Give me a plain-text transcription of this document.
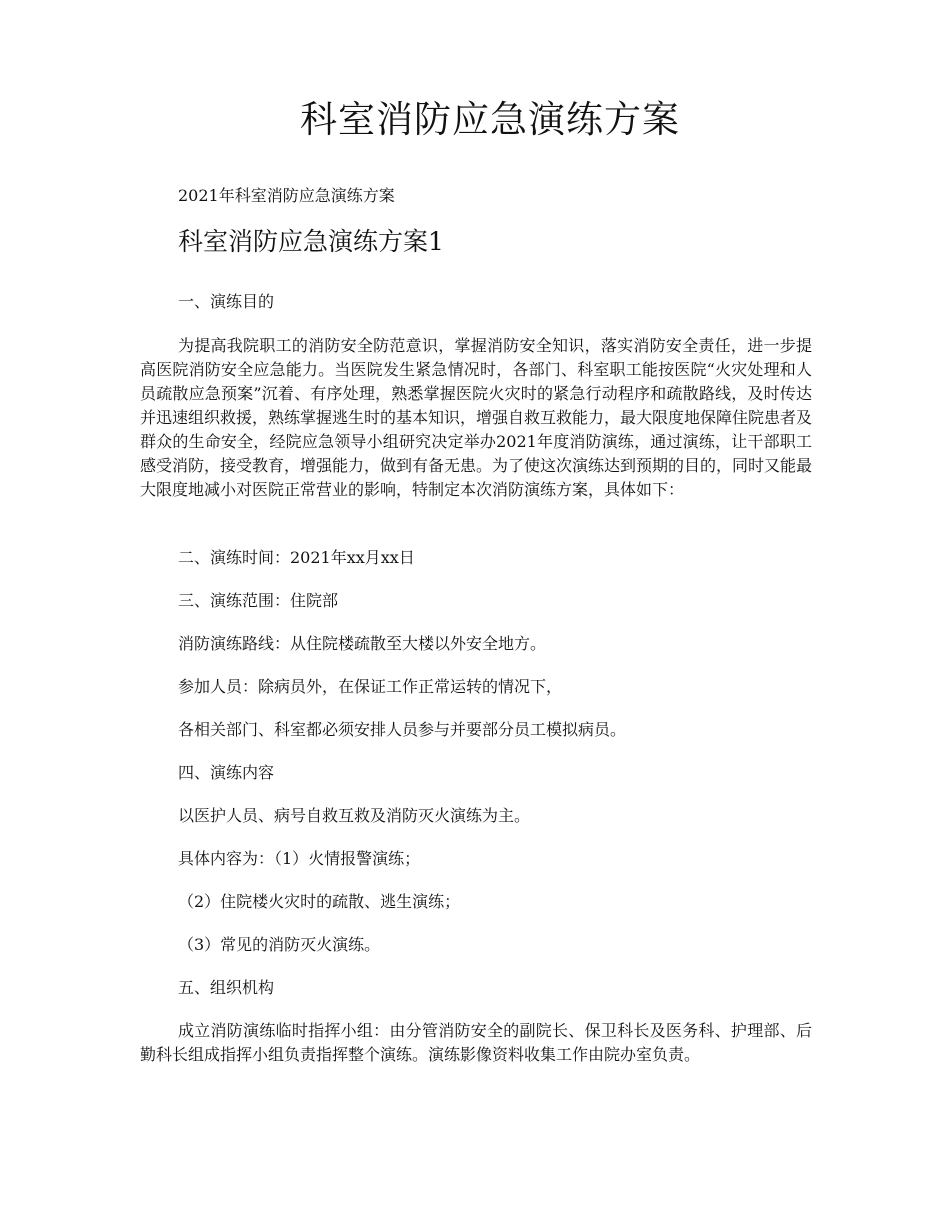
科室消防应急演练方案

2021年科室消防应急演练方案

科室消防应急演练方案1

一、演练目的

为提高我院职工的消防安全防范意识，掌握消防安全知识，落实消防安全责任，进一步提高医院消防安全应急能力。当医院发生紧急情况时，各部门、科室职工能按医院“火灾处理和人员疏散应急预案”沉着、有序处理，熟悉掌握医院火灾时的紧急行动程序和疏散路线，及时传达并迅速组织救援，熟练掌握逃生时的基本知识，增强自救互救能力，最大限度地保障住院患者及群众的生命安全，经院应急领导小组研究决定举办2021年度消防演练，通过演练，让干部职工感受消防，接受教育，增强能力，做到有备无患。为了使这次演练达到预期的目的，同时又能最大限度地减小对医院正常营业的影响，特制定本次消防演练方案，具体如下：

二、演练时间：2021年xx月xx日

三、演练范围：住院部

消防演练路线：从住院楼疏散至大楼以外安全地方。

参加人员：除病员外，在保证工作正常运转的情况下，

各相关部门、科室都必须安排人员参与并要部分员工模拟病员。

四、演练内容

以医护人员、病号自救互救及消防灭火演练为主。

具体内容为：（1）火情报警演练；

（2）住院楼火灾时的疏散、逃生演练；

（3）常见的消防灭火演练。

五、组织机构

成立消防演练临时指挥小组：由分管消防安全的副院长、保卫科长及医务科、护理部、后勤科长组成指挥小组负责指挥整个演练。演练影像资料收集工作由院办室负责。
